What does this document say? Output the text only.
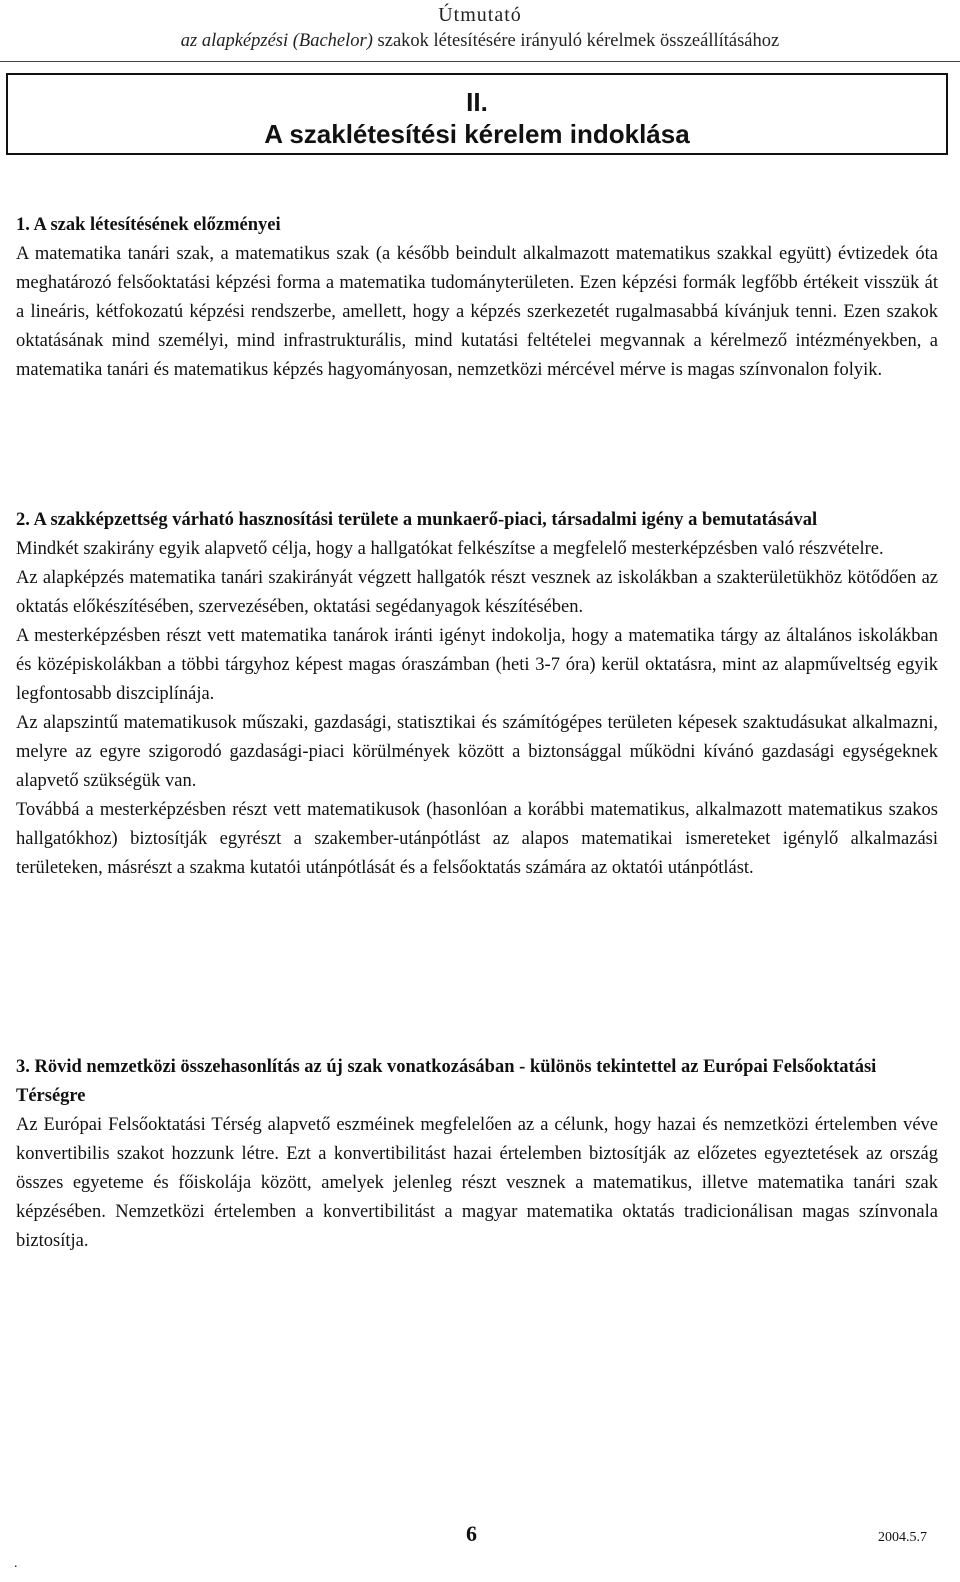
Útmutató
az alapképzési (Bachelor) szakok létesítésére irányuló kérelmek összeállításához
II.
A szaklétesítési kérelem indoklása
1. A szak létesítésének előzményei

A matematika tanári szak, a matematikus szak (a később beindult alkalmazott matematikus szakkal együtt) évtizedek óta meghatározó felsőoktatási képzési forma a matematika tudományterületen. Ezen képzési formák legfőbb értékeit visszük át a lineáris, kétfokozatú képzési rendszerbe, amellett, hogy a képzés szerkezetét rugalmasabbá kívánjuk tenni. Ezen szakok oktatásának mind személyi, mind infrastrukturális, mind kutatási feltételei megvannak a kérelmező intézményekben, a matematika tanári és matematikus képzés hagyományosan, nemzetközi mércével mérve is magas színvonalon folyik.

2. A szakképzettség várható hasznosítási területe a munkaerő-piaci, társadalmi igény a bemutatásával

Mindkét szakirány egyik alapvető célja, hogy a hallgatókat felkészítse a megfelelő mesterképzésben való részvételre.

Az alapképzés matematika tanári szakirányát végzett hallgatók részt vesznek az iskolákban a szakterületükhöz kötődően az oktatás előkészítésében, szervezésében, oktatási segédanyagok készítésében.

A mesterképzésben részt vett matematika tanárok iránti igényt indokolja, hogy a matematika tárgy az általános iskolákban és középiskolákban a többi tárgyhoz képest magas óraszámban (heti 3-7 óra) kerül oktatásra, mint az alapműveltség egyik legfontosabb diszciplínája.

Az alapszintű matematikusok műszaki, gazdasági, statisztikai és számítógépes területen képesek szaktudásukat alkalmazni, melyre az egyre szigorodó gazdasági-piaci körülmények között a biztonsággal működni kívánó gazdasági egységeknek alapvető szükségük van.

Továbbá a mesterképzésben részt vett matematikusok (hasonlóan a korábbi matematikus, alkalmazott matematikus szakos hallgatókhoz) biztosítják egyrészt a szakember-utánpótlást az alapos matematikai ismereteket igénylő alkalmazási területeken, másrészt a szakma kutatói utánpótlását és a felsőoktatás számára az oktatói utánpótlást.

3. Rövid nemzetközi összehasonlítás az új szak vonatkozásában - különös tekintettel az Európai Felsőoktatási Térségre

Az Európai Felsőoktatási Térség alapvető eszméinek megfelelően az a célunk, hogy hazai és nemzetközi értelemben véve konvertibilis szakot hozzunk létre. Ezt a konvertibilitást hazai értelemben biztosítják az előzetes egyeztetések az ország összes egyeteme és főiskolája között, amelyek jelenleg részt vesznek a matematikus, illetve matematika tanári szak képzésében. Nemzetközi értelemben a konvertibilitást a magyar matematika oktatás tradicionálisan magas színvonala biztosítja.

6	2004.5.7
.
